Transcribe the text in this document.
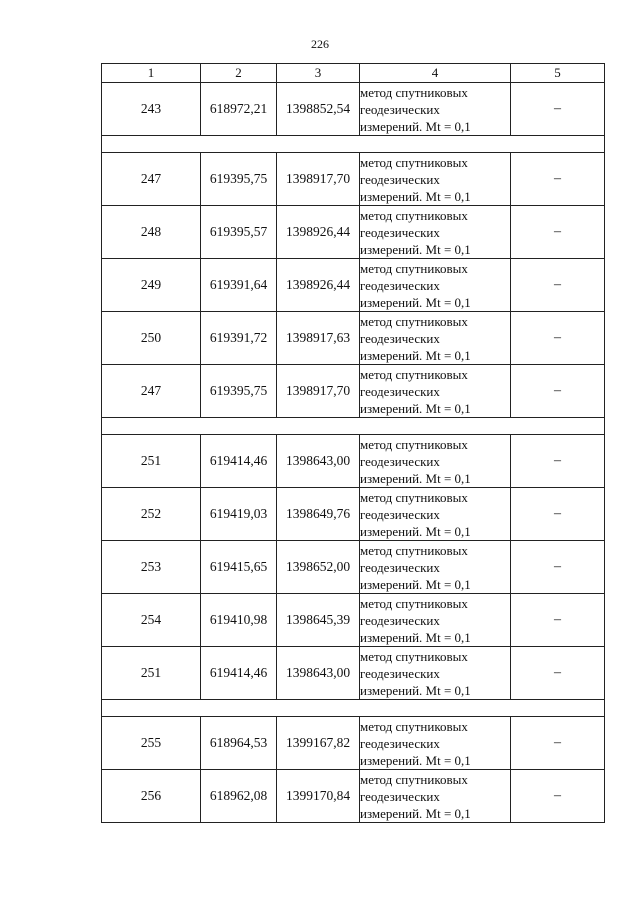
226
1	2	3	4	5
243	618972,21	1398852,54	метод спутниковых
геодезических
измерений. Mt = 0,1	–

247	619395,75	1398917,70	метод спутниковых
геодезических
измерений. Mt = 0,1	–
248	619395,57	1398926,44	метод спутниковых
геодезических
измерений. Mt = 0,1	–
249	619391,64	1398926,44	метод спутниковых
геодезических
измерений. Mt = 0,1	–
250	619391,72	1398917,63	метод спутниковых
геодезических
измерений. Mt = 0,1	–
247	619395,75	1398917,70	метод спутниковых
геодезических
измерений. Mt = 0,1	–

251	619414,46	1398643,00	метод спутниковых
геодезических
измерений. Mt = 0,1	–
252	619419,03	1398649,76	метод спутниковых
геодезических
измерений. Mt = 0,1	–
253	619415,65	1398652,00	метод спутниковых
геодезических
измерений. Mt = 0,1	–
254	619410,98	1398645,39	метод спутниковых
геодезических
измерений. Mt = 0,1	–
251	619414,46	1398643,00	метод спутниковых
геодезических
измерений. Mt = 0,1	–

255	618964,53	1399167,82	метод спутниковых
геодезических
измерений. Mt = 0,1	–
256	618962,08	1399170,84	метод спутниковых
геодезических
измерений. Mt = 0,1	–
